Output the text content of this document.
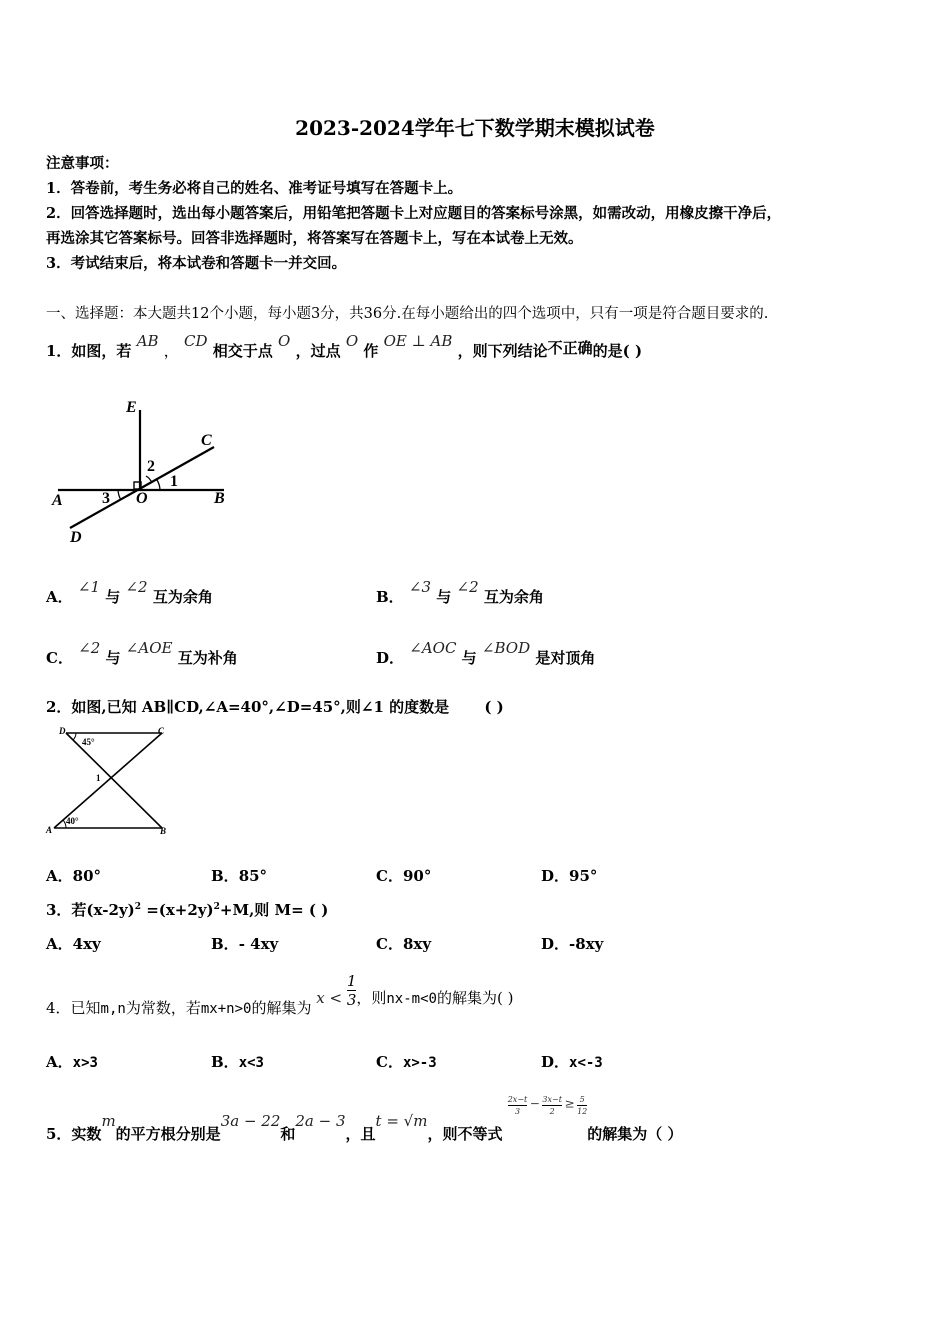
2023-2024学年七下数学期末模拟试卷
注意事项：
1．答卷前，考生务必将自己的姓名、准考证号填写在答题卡上。
2．回答选择题时，选出每小题答案后，用铅笔把答题卡上对应题目的答案标号涂黑，如需改动，用橡皮擦干净后，
再选涂其它答案标号。回答非选择题时，将答案写在答题卡上，写在本试卷上无效。
3．考试结束后，将本试卷和答题卡一并交回。
一、选择题：本大题共12个小题，每小题3分，共36分.在每小题给出的四个选项中，只有一项是符合题目要求的.
1．如图，若 AB ， CD 相交于点 O ，过点 O 作 OE ⊥ AB ，则下列结论不正确的是( )
E
C
2
1
A 3 O	B
D
A． ∠1 与 ∠2 互为余角	B． ∠3 与 ∠2 互为余角
C． ∠2 与 ∠AOE 互为补角	D． ∠AOC 与 ∠BOD 是对顶角
2．如图,已知 AB∥CD,∠A=40°,∠D=45°,则∠1 的度数是 ( )
D
45°
C
1
A
40°
B
A．80°	B．85°	C．90°	D．95°
3．若$(x-2y)^2 =(x+2y)^2+M$,则 M= ( )
A．4xy	B．- 4xy	C．8xy	D．-8xy
4．已知m,n为常数，若mx+n>0的解集为 $x < \frac{1}{3}$ ，则nx-m<0的解集为( )
A．x>3	B．x<3	C．x>-3	D．x<-3
5．实数m的平方根分别是3a − 22和2a − 3，且t = √m，则不等式
$\frac{2x-t}{3} - \frac{3x-t}{2} \ge \frac{5}{12}$
的解集为（ ）
